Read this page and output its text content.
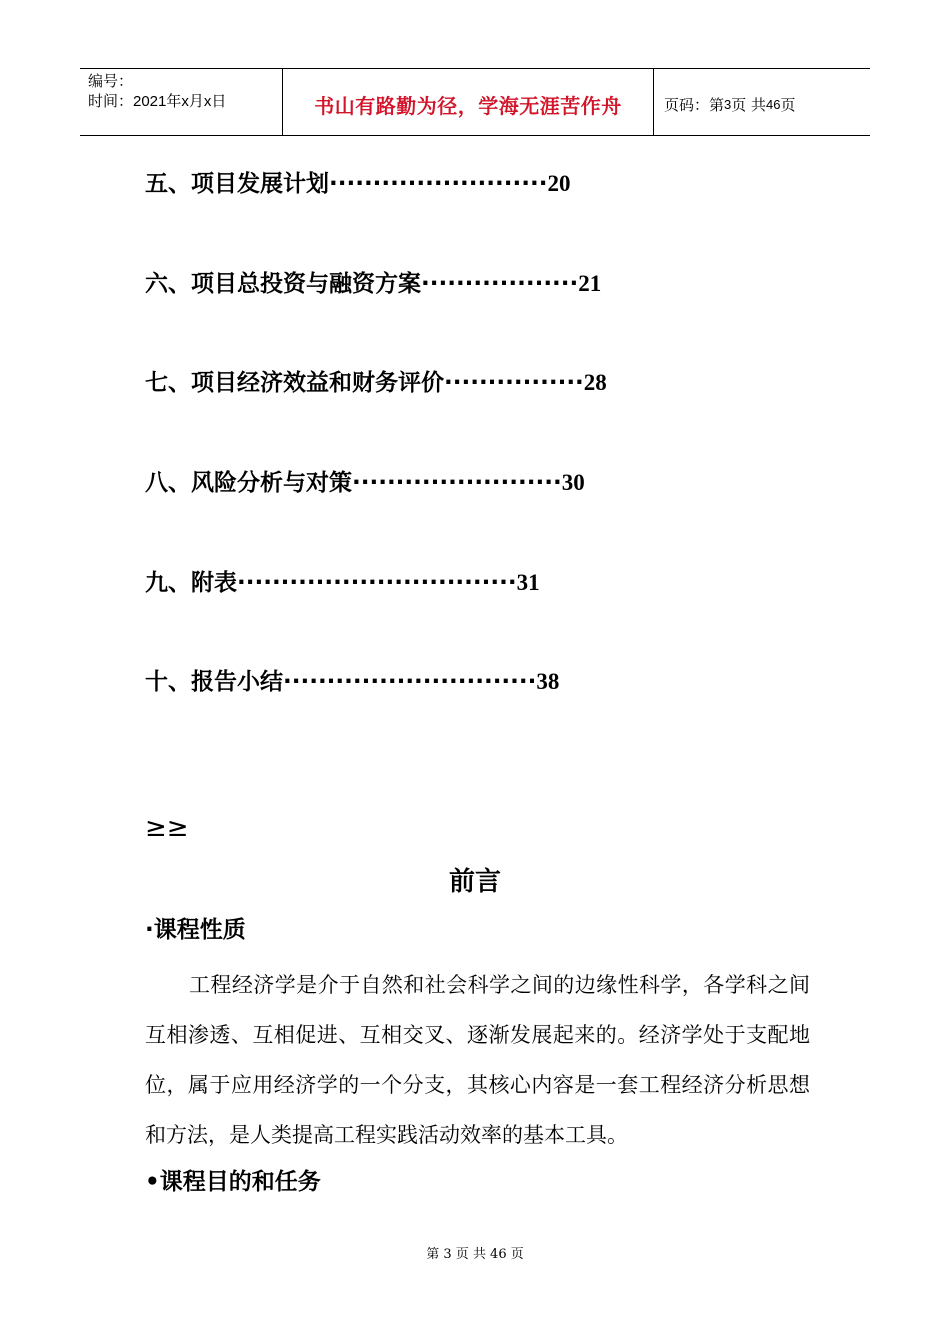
编号：
时间：2021年x月x日	书山有路勤为径，学海无涯苦作舟	页码：第 3 页 共 46 页
五、项目发展计划·························20
六、项目总投资与融资方案··················21
七、项目经济效益和财务评价················28
八、风险分析与对策························30
九、附表································31
十、报告小结·····························38
≥≥
前言
·课程性质

工程经济学是介于自然和社会科学之间的边缘性科学，各学科之间互相渗透、互相促进、互相交叉、逐渐发展起来的。经济学处于支配地位，属于应用经济学的一个分支，其核心内容是一套工程经济分析思想和方法，是人类提高工程实践活动效率的基本工具。

•课程目的和任务
第 3 页 共 46 页
